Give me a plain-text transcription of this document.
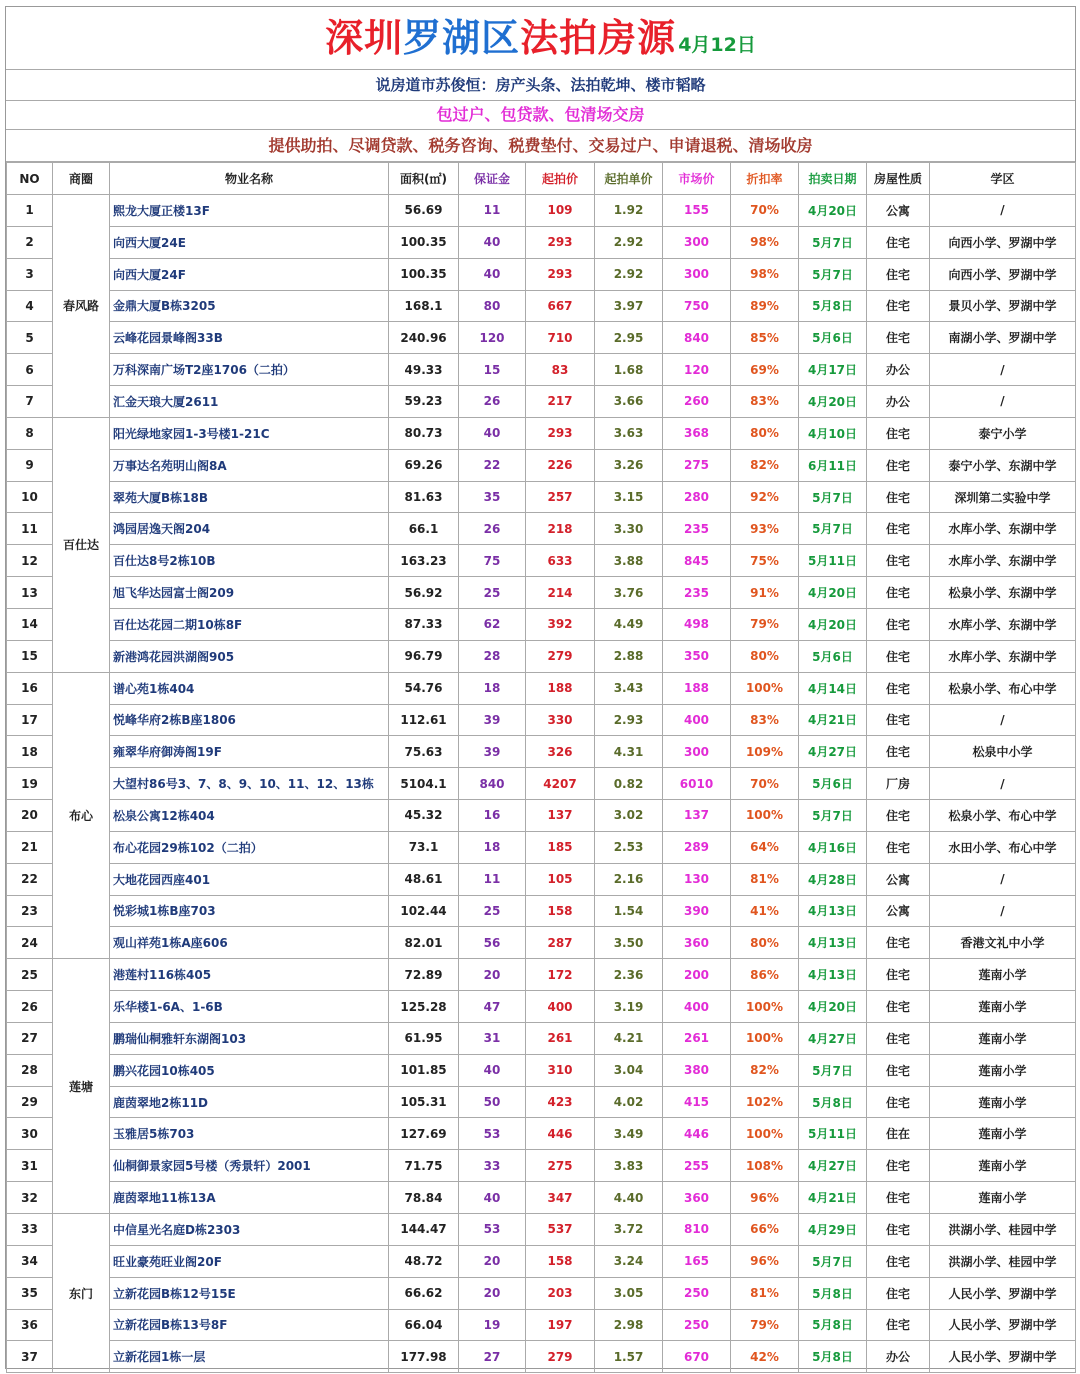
深圳罗湖区法拍房源 4月12日
说房道市苏俊恒：房产头条、法拍乾坤、楼市韬略
包过户、包贷款、包清场交房
提供助拍、尽调贷款、税务咨询、税费垫付、交易过户、申请退税、清场收房
NO	商圈	物业名称	面积(㎡)	保证金	起拍价	起拍单价	市场价	折扣率	拍卖日期	房屋性质	学区
1	春风路	熙龙大厦正楼13F	56.69	11	109	1.92	155	70%	4月20日	公寓	/
2		向西大厦24E	100.35	40	293	2.92	300	98%	5月7日	住宅	向西小学、罗湖中学
3		向西大厦24F	100.35	40	293	2.92	300	98%	5月7日	住宅	向西小学、罗湖中学
4		金鼎大厦B栋3205	168.1	80	667	3.97	750	89%	5月8日	住宅	景贝小学、罗湖中学
5		云峰花园景峰阁33B	240.96	120	710	2.95	840	85%	5月6日	住宅	南湖小学、罗湖中学
6		万科深南广场T2座1706（二拍）	49.33	15	83	1.68	120	69%	4月17日	办公	/
7		汇金天琅大厦2611	59.23	26	217	3.66	260	83%	4月20日	办公	/
8	百仕达	阳光绿地家园1-3号楼1-21C	80.73	40	293	3.63	368	80%	4月10日	住宅	泰宁小学
9		万事达名苑明山阁8A	69.26	22	226	3.26	275	82%	6月11日	住宅	泰宁小学、东湖中学
10		翠苑大厦B栋18B	81.63	35	257	3.15	280	92%	5月7日	住宅	深圳第二实验中学
11		鸿园居逸天阁204	66.1	26	218	3.30	235	93%	5月7日	住宅	水库小学、东湖中学
12		百仕达8号2栋10B	163.23	75	633	3.88	845	75%	5月11日	住宅	水库小学、东湖中学
13		旭飞华达园富士阁209	56.92	25	214	3.76	235	91%	4月20日	住宅	松泉小学、东湖中学
14		百仕达花园二期10栋8F	87.33	62	392	4.49	498	79%	4月20日	住宅	水库小学、东湖中学
15		新港鸿花园洪湖阁905	96.79	28	279	2.88	350	80%	5月6日	住宅	水库小学、东湖中学
16	布心	谱心苑1栋404	54.76	18	188	3.43	188	100%	4月14日	住宅	松泉小学、布心中学
17		悦峰华府2栋B座1806	112.61	39	330	2.93	400	83%	4月21日	住宅	/
18		雍翠华府御涛阁19F	75.63	39	326	4.31	300	109%	4月27日	住宅	松泉中小学
19		大望村86号3、7、8、9、10、11、12、13栋	5104.1	840	4207	0.82	6010	70%	5月6日	厂房	/
20		松泉公寓12栋404	45.32	16	137	3.02	137	100%	5月7日	住宅	松泉小学、布心中学
21		布心花园29栋102（二拍）	73.1	18	185	2.53	289	64%	4月16日	住宅	水田小学、布心中学
22		大地花园西座401	48.61	11	105	2.16	130	81%	4月28日	公寓	/
23		悦彩城1栋B座703	102.44	25	158	1.54	390	41%	4月13日	公寓	/
24		观山祥苑1栋A座606	82.01	56	287	3.50	360	80%	4月13日	住宅	香港文礼中小学
25	莲塘	港莲村116栋405	72.89	20	172	2.36	200	86%	4月13日	住宅	莲南小学
26		乐华楼1-6A、1-6B	125.28	47	400	3.19	400	100%	4月20日	住宅	莲南小学
27		鹏瑞仙桐雅轩东湖阁103	61.95	31	261	4.21	261	100%	4月27日	住宅	莲南小学
28		鹏兴花园10栋405	101.85	40	310	3.04	380	82%	5月7日	住宅	莲南小学
29		鹿茵翠地2栋11D	105.31	50	423	4.02	415	102%	5月8日	住宅	莲南小学
30		玉雅居5栋703	127.69	53	446	3.49	446	100%	5月11日	住在	莲南小学
31		仙桐御景家园5号楼（秀景轩）2001	71.75	33	275	3.83	255	108%	4月27日	住宅	莲南小学
32		鹿茵翠地11栋13A	78.84	40	347	4.40	360	96%	4月21日	住宅	莲南小学
33	东门	中信星光名庭D栋2303	144.47	53	537	3.72	810	66%	4月29日	住宅	洪湖小学、桂园中学
34		旺业豪苑旺业阁20F	48.72	20	158	3.24	165	96%	5月7日	住宅	洪湖小学、桂园中学
35		立新花园B栋12号15E	66.62	20	203	3.05	250	81%	5月8日	住宅	人民小学、罗湖中学
36		立新花园B栋13号8F	66.04	19	197	2.98	250	79%	5月8日	住宅	人民小学、罗湖中学
37		立新花园1栋一层	177.98	27	279	1.57	670	42%	5月8日	办公	人民小学、罗湖中学
